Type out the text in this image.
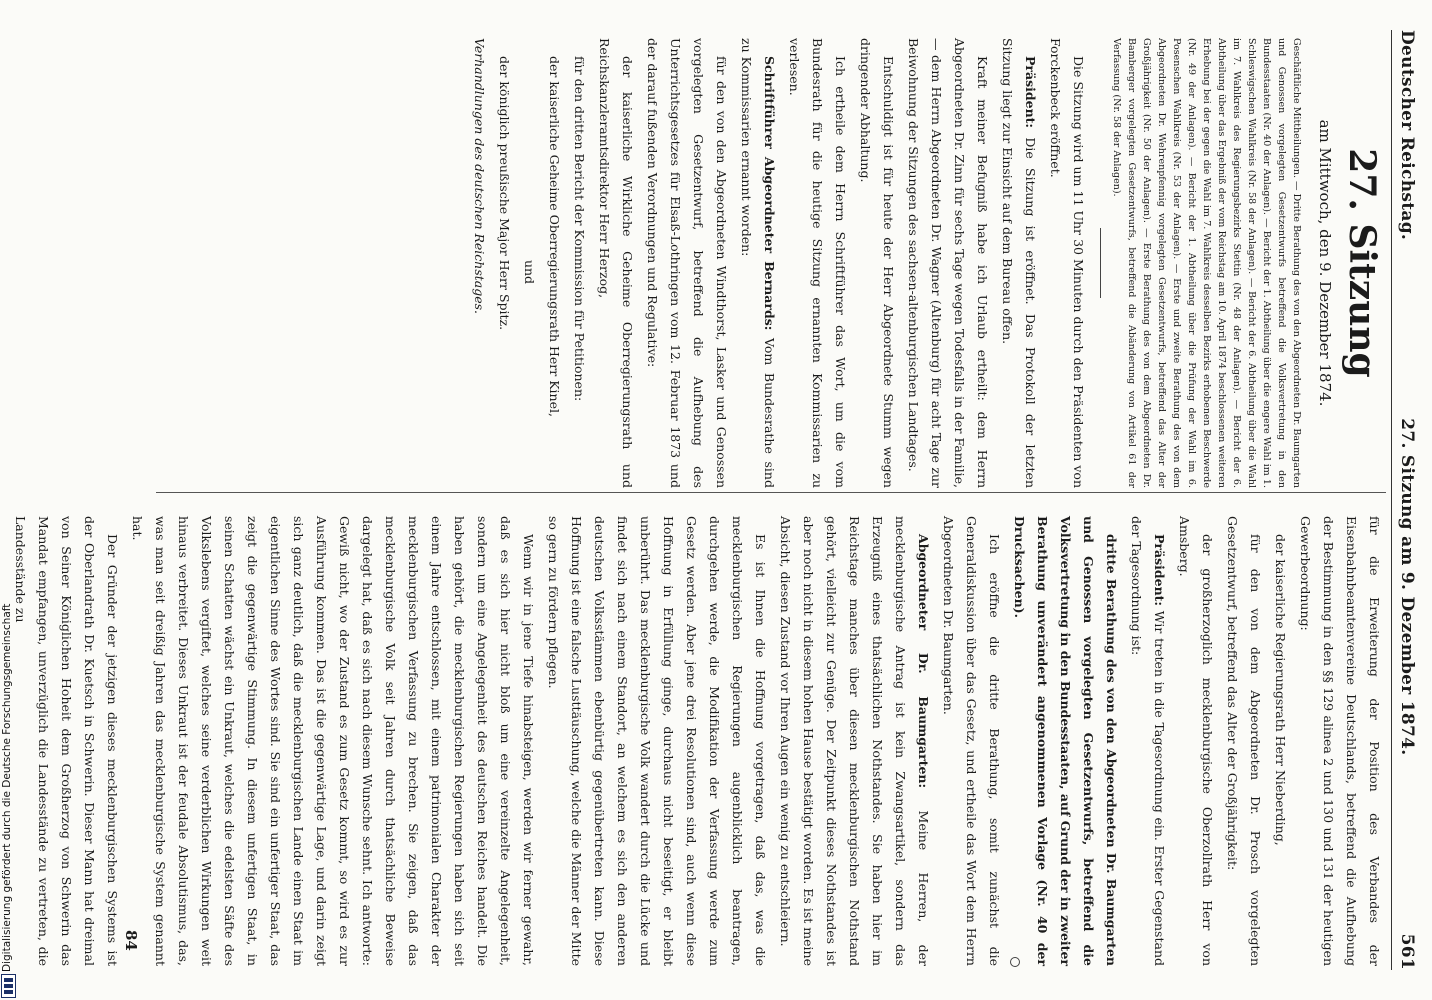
Deutscher Reichstag.
27. Sitzung am 9. Dezember 1874.
561
27. Sitzung
am Mittwoch, den 9. Dezember 1874.

Geschäftliche Mittheilungen. — Dritte Berathung des von den Abgeordneten Dr. Baumgarten und Genossen vorgelegten Gesetzentwurfs betreffend die Volksvertretung in den Bundesstaaten (Nr. 40 der Anlagen). — Bericht der 1. Abtheilung über die engere Wahl im 1. Schleswigschen Wahlkreis (Nr. 58 der Anlagen). — Bericht der 6. Abtheilung über die Wahl im 7. Wahlkreis des Regierungsbezirks Stettin (Nr. 48 der Anlagen). — Bericht der 6. Abtheilung über das Ergebniß der vom Reichstag am 10. April 1874 beschlossenen weiteren Erhebung bei der gegen die Wahl im 7. Wahlkreis desselben Bezirks erhobenen Beschwerde (Nr. 49 der Anlagen). — Bericht der 1. Abtheilung über die Prüfung der Wahl im 6. Posenschen Wahlkreis (Nr. 53 der Anlagen). — Erste und zweite Berathung des von dem Abgeordneten Dr. Wehrenpfennig vorgelegten Gesetzentwurfs, betreffend das Alter der Großjährigkeit (Nr. 50 der Anlagen). — Erste Berathung des von dem Abgeordneten Dr. Bamberger vorgelegten Gesetzentwurfs, betreffend die Abänderung von Artikel 61 der Verfassung (Nr. 58 der Anlagen).

Die Sitzung wird um 11 Uhr 30 Minuten durch den Präsidenten von Forckenbeck eröffnet.

Präsident: Die Sitzung ist eröffnet. Das Protokoll der letzten Sitzung liegt zur Einsicht auf dem Bureau offen.

Kraft meiner Befugniß habe ich Urlaub ertheilt: dem Herrn Abgeordneten Dr. Zinn für sechs Tage wegen Todesfalls in der Familie, — dem Herrn Abgeordneten Dr. Wagner (Altenburg) für acht Tage zur Beiwohnung der Sitzungen des sachsen-altenburgischen Landtages.

Entschuldigt ist für heute der Herr Abgeordnete Stumm wegen dringender Abhaltung.

Ich ertheile dem Herrn Schriftführer das Wort, um die vom Bundesrath für die heutige Sitzung ernannten Kommissarien zu verlesen.

Schriftführer Abgeordneter Bernards: Vom Bundesrathe sind zu Kommissarien ernannt worden:

für den von den Abgeordneten Windthorst, Lasker und Genossen vorgelegten Gesetzentwurf, betreffend die Aufhebung des Unterrichtsgesetzes für Elsaß-Lothringen vom 12. Februar 1873 und der darauf fußenden Verordnungen und Regulative:

der kaiserliche Wirkliche Geheime Oberregierungsrath und Reichskanzleramtsdirektor Herr Herzog,

für den dritten Bericht der Kommission für Petitionen:

der kaiserliche Geheime Oberregierungsrath Herr Kinel,

und

der königlich preußische Major Herr Spitz.

Verhandlungen des deutschen Reichstages.

für die Erweiterung der Position des Verbandes der Eisenbahnbeamtenvereine Deutschlands, betreffend die Aufhebung der Bestimmung in den §§ 129 alinea 2 und 130 und 131 der heutigen Gewerbeordnung:

der kaiserliche Regierungsrath Herr Nieberding,

für den von dem Abgeordneten Dr. Prosch vorgelegten Gesetzentwurf, betreffend das Alter der Großjährigkeit:

der großherzoglich mecklenburgische Oberzollrath Herr von Amsberg.

Präsident: Wir treten in die Tagesordnung ein. Erster Gegenstand der Tagesordnung ist:

dritte Berathung des von den Abgeordneten Dr. Baumgarten und Genossen vorgelegten Gesetzentwurfs, betreffend die Volksvertretung in den Bundesstaaten, auf Grund der in zweiter Berathung unverändert angenommenen Vorlage (Nr. 40 der Drucksachen).

Ich eröffne die dritte Berathung, somit zunächst die Generaldiskussion über das Gesetz, und ertheile das Wort dem Herrn Abgeordneten Dr. Baumgarten.

Abgeordneter Dr. Baumgarten: Meine Herren, der mecklenburgische Antrag ist kein Zwangsartikel, sondern das Erzeugniß eines thatsächlichen Nothstandes. Sie haben hier im Reichstage manches über diesen mecklenburgischen Nothstand gehört, vielleicht zur Genüge. Der Zeitpunkt dieses Nothstandes ist aber noch nicht in diesem hohen Hause bestätigt worden. Es ist meine Absicht, diesen Zustand vor Ihren Augen ein wenig zu entschleiern.

Es ist Ihnen die Hoffnung vorgetragen, daß das, was die mecklenburgischen Regierungen augenblicklich beantragen, durchgehen werde, die Modifikation der Verfassung werde zum Gesetz werden. Aber jene drei Resolutionen sind, auch wenn diese Hoffnung in Erfüllung ginge, durchaus nicht beseitigt, er bleibt unberührt. Das mecklenburgische Volk wandert durch die Lücke und findet sich nach einem Standort, an welchem es sich den anderen deutschen Volksstämmen ebenbürtig gegenübertreten kann. Diese Hoffnung ist eine falsche Lusttäuschung, welche die Männer der Mitte so gern zu fördern pflegen.

Wenn wir in jene Tiefe hinabsteigen, werden wir ferner gewahr, daß es sich hier nicht bloß um eine vereinzelte Angelegenheit, sondern um eine Angelegenheit des deutschen Reiches handelt. Die haben gehört, die mecklenburgischen Regierungen haben sich seit einem Jahre entschlossen, mit einem patrimonialen Charakter der mecklenburgischen Verfassung zu brechen. Sie zeigen, daß das mecklenburgische Volk seit Jahren durch thatsächliche Beweise dargelegt hat, daß es sich nach diesem Wunsche sehnt. Ich antworte: Gewiß nicht, wo der Zustand es zum Gesetz kommt, so wird es zur Ausführung kommen. Das ist die gegenwärtige Lage, und darin zeigt sich ganz deutlich, daß die mecklenburgischen Lande einen Staat im eigentlichen Sinne des Wortes sind. Sie sind ein unfertiger Staat, das zeigt die gegenwärtige Stimmung. In diesem unfertigen Staat, in seinen Schatten wächst ein Unkraut, welches die edelsten Säfte des Volkslebens vergiftet, welches seine verderblichen Wirkungen weit hinaus verbreitet. Dieses Unkraut ist der feudale Absolutismus, das, was man seit dreißig Jahren das mecklenburgische System genannt hat.

Der Gründer der jetzigen dieses mecklenburgischen Systems ist der Oberlandrath Dr. Kuetsch in Schwerin. Dieser Mann hat dreimal von Seiner Königlichen Hoheit dem Großherzog von Schwerin das Mandat empfangen, unverzüglich die Landesstände zu vertreten, die Landesstände zu

84
Digitalisierung gefördert durch die Deutsche Forschungsgemeinschaft
